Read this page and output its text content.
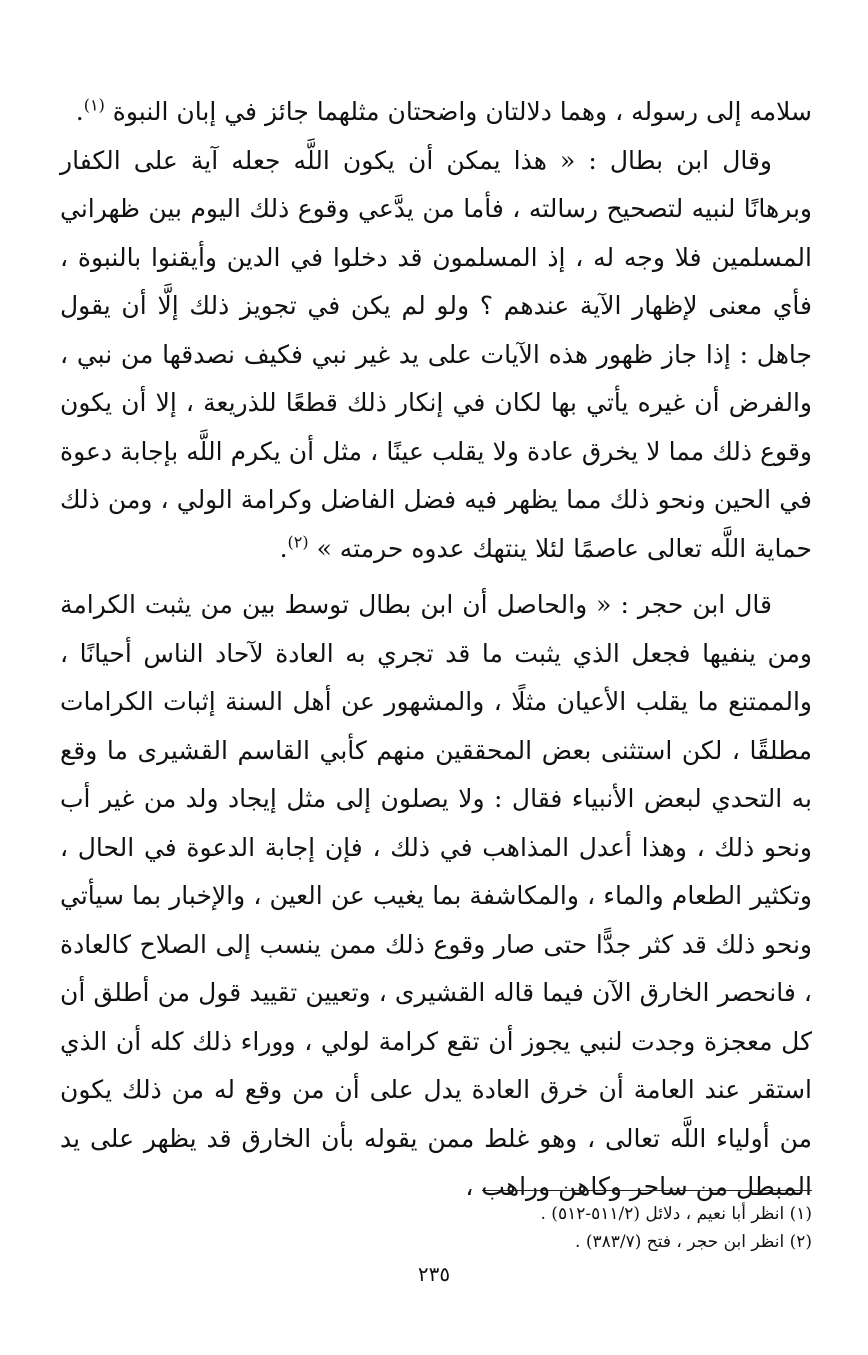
سلامه إلى رسوله ، وهما دلالتان واضحتان مثلهما جائز في إبان النبوة $^{(١)}$.

وقال ابن بطال : « هذا يمكن أن يكون اللَّه جعله آية على الكفار وبرهانًا لنبيه لتصحيح رسالته ، فأما من يدَّعي وقوع ذلك اليوم بين ظهراني المسلمين فلا وجه له ، إذ المسلمون قد دخلوا في الدين وأيقنوا بالنبوة ، فأي معنى لإظهار الآية عندهم ؟ ولو لم يكن في تجويز ذلك إلَّا أن يقول جاهل : إذا جاز ظهور هذه الآيات على يد غير نبي فكيف نصدقها من نبي ، والفرض أن غيره يأتي بها لكان في إنكار ذلك قطعًا للذريعة ، إلا أن يكون وقوع ذلك مما لا يخرق عادة ولا يقلب عينًا ، مثل أن يكرم اللَّه بإجابة دعوة في الحين ونحو ذلك مما يظهر فيه فضل الفاضل وكرامة الولي ، ومن ذلك حماية اللَّه تعالى عاصمًا لئلا ينتهك عدوه حرمته » $^{(٢)}$.

قال ابن حجر : « والحاصل أن ابن بطال توسط بين من يثبت الكرامة ومن ينفيها فجعل الذي يثبت ما قد تجري به العادة لآحاد الناس أحيانًا ، والممتنع ما يقلب الأعيان مثلًا ، والمشهور عن أهل السنة إثبات الكرامات مطلقًا ، لكن استثنى بعض المحققين منهم كأبي القاسم القشيرى ما وقع به التحدي لبعض الأنبياء فقال : ولا يصلون إلى مثل إيجاد ولد من غير أب ونحو ذلك ، وهذا أعدل المذاهب في ذلك ، فإن إجابة الدعوة في الحال ، وتكثير الطعام والماء ، والمكاشفة بما يغيب عن العين ، والإخبار بما سيأتي ونحو ذلك قد كثر جدًّا حتى صار وقوع ذلك ممن ينسب إلى الصلاح كالعادة ، فانحصر الخارق الآن فيما قاله القشيرى ، وتعيين تقييد قول من أطلق أن كل معجزة وجدت لنبي يجوز أن تقع كرامة لولي ، ووراء ذلك كله أن الذي استقر عند العامة أن خرق العادة يدل على أن من وقع له من ذلك يكون من أولياء اللَّه تعالى ، وهو غلط ممن يقوله بأن الخارق قد يظهر على يد المبطل من ساحر وكاهن وراهب ،

(١) انظر أبا نعيم ، دلائل (٥١١/٢-٥١٢) .

(٢) انظر ابن حجر ، فتح (٣٨٣/٧) .

٢٣٥
